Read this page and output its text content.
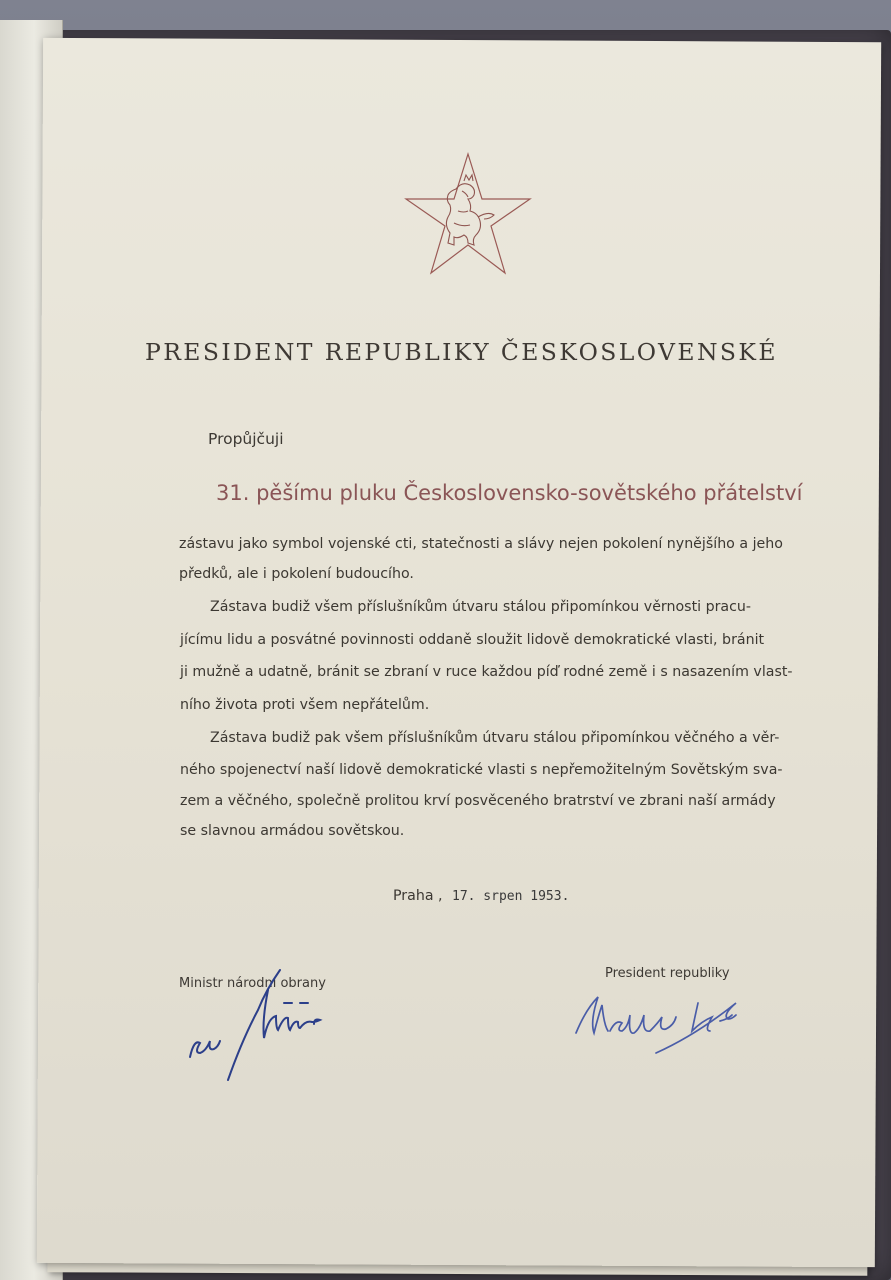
PRESIDENT REPUBLIKY ČESKOSLOVENSKÉ
Propůjčuji
31. pěšímu pluku Československo-sovětského přátelství
zástavu jako symbol vojenské cti, statečnosti a slávy nejen pokolení nynějšího a jeho
předků, ale i pokolení budoucího.
Zástava budiž všem příslušníkům útvaru stálou připomínkou věrnosti pracu-
jícímu lidu a posvátné povinnosti oddaně sloužit lidově demokratické vlasti, bránit
ji mužně a udatně, bránit se zbraní v ruce každou píď rodné země i s nasazením vlast-
ního života proti všem nepřátelům.
Zástava budiž pak všem příslušníkům útvaru stálou připomínkou věčného a věr-
ného spojenectví naší lidově demokratické vlasti s nepřemožitelným Sovětským sva-
zem a věčného, společně prolitou krví posvěceného bratrství ve zbrani naší armády
se slavnou armádou sovětskou.
Praha , 17. srpen 1953.
Ministr národní obrany
President republiky
